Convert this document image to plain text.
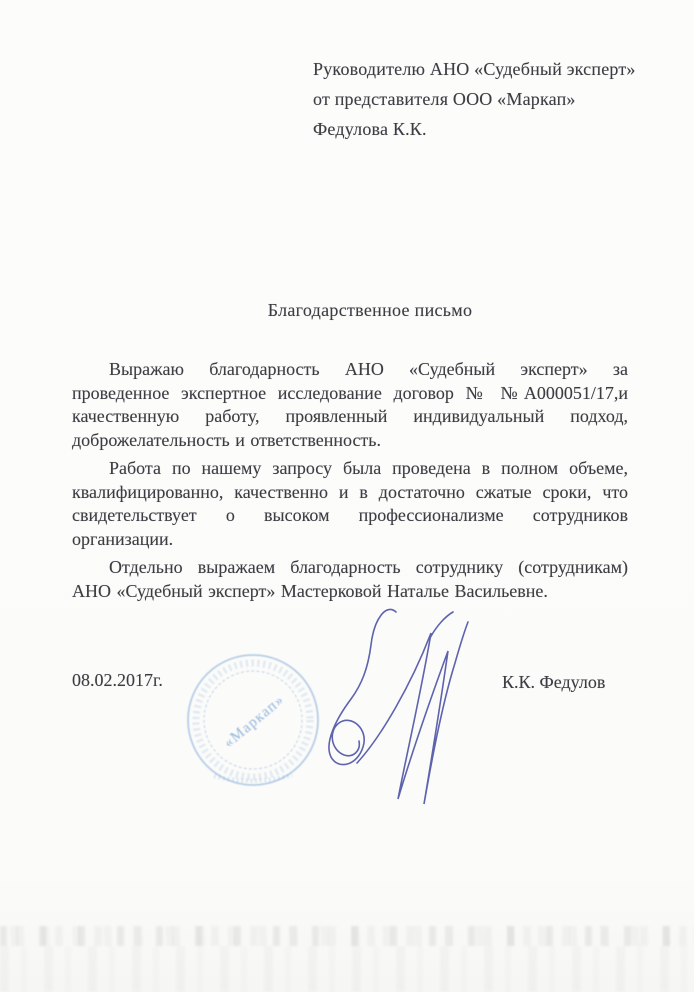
Руководителю АНО «Судебный эксперт»
от представителя ООО «Маркап»
Федулова К.К.
Благодарственное письмо

Выражаю благодарность АНО «Судебный эксперт» за проведенное экспертное исследование договор № №А000051/17,и качественную работу, проявленный индивидуальный подход, доброжелательность и ответственность.

Работа по нашему запросу была проведена в полном объеме, квалифицированно, качественно и в достаточно сжатые сроки, что свидетельствует о высоком профессионализме сотрудников организации.

Отдельно выражаем благодарность сотруднику (сотрудникам) АНО «Судебный эксперт» Мастерковой Наталье Васильевне.

08.02.2017г.	К.К. Федулов
«Маркап»
